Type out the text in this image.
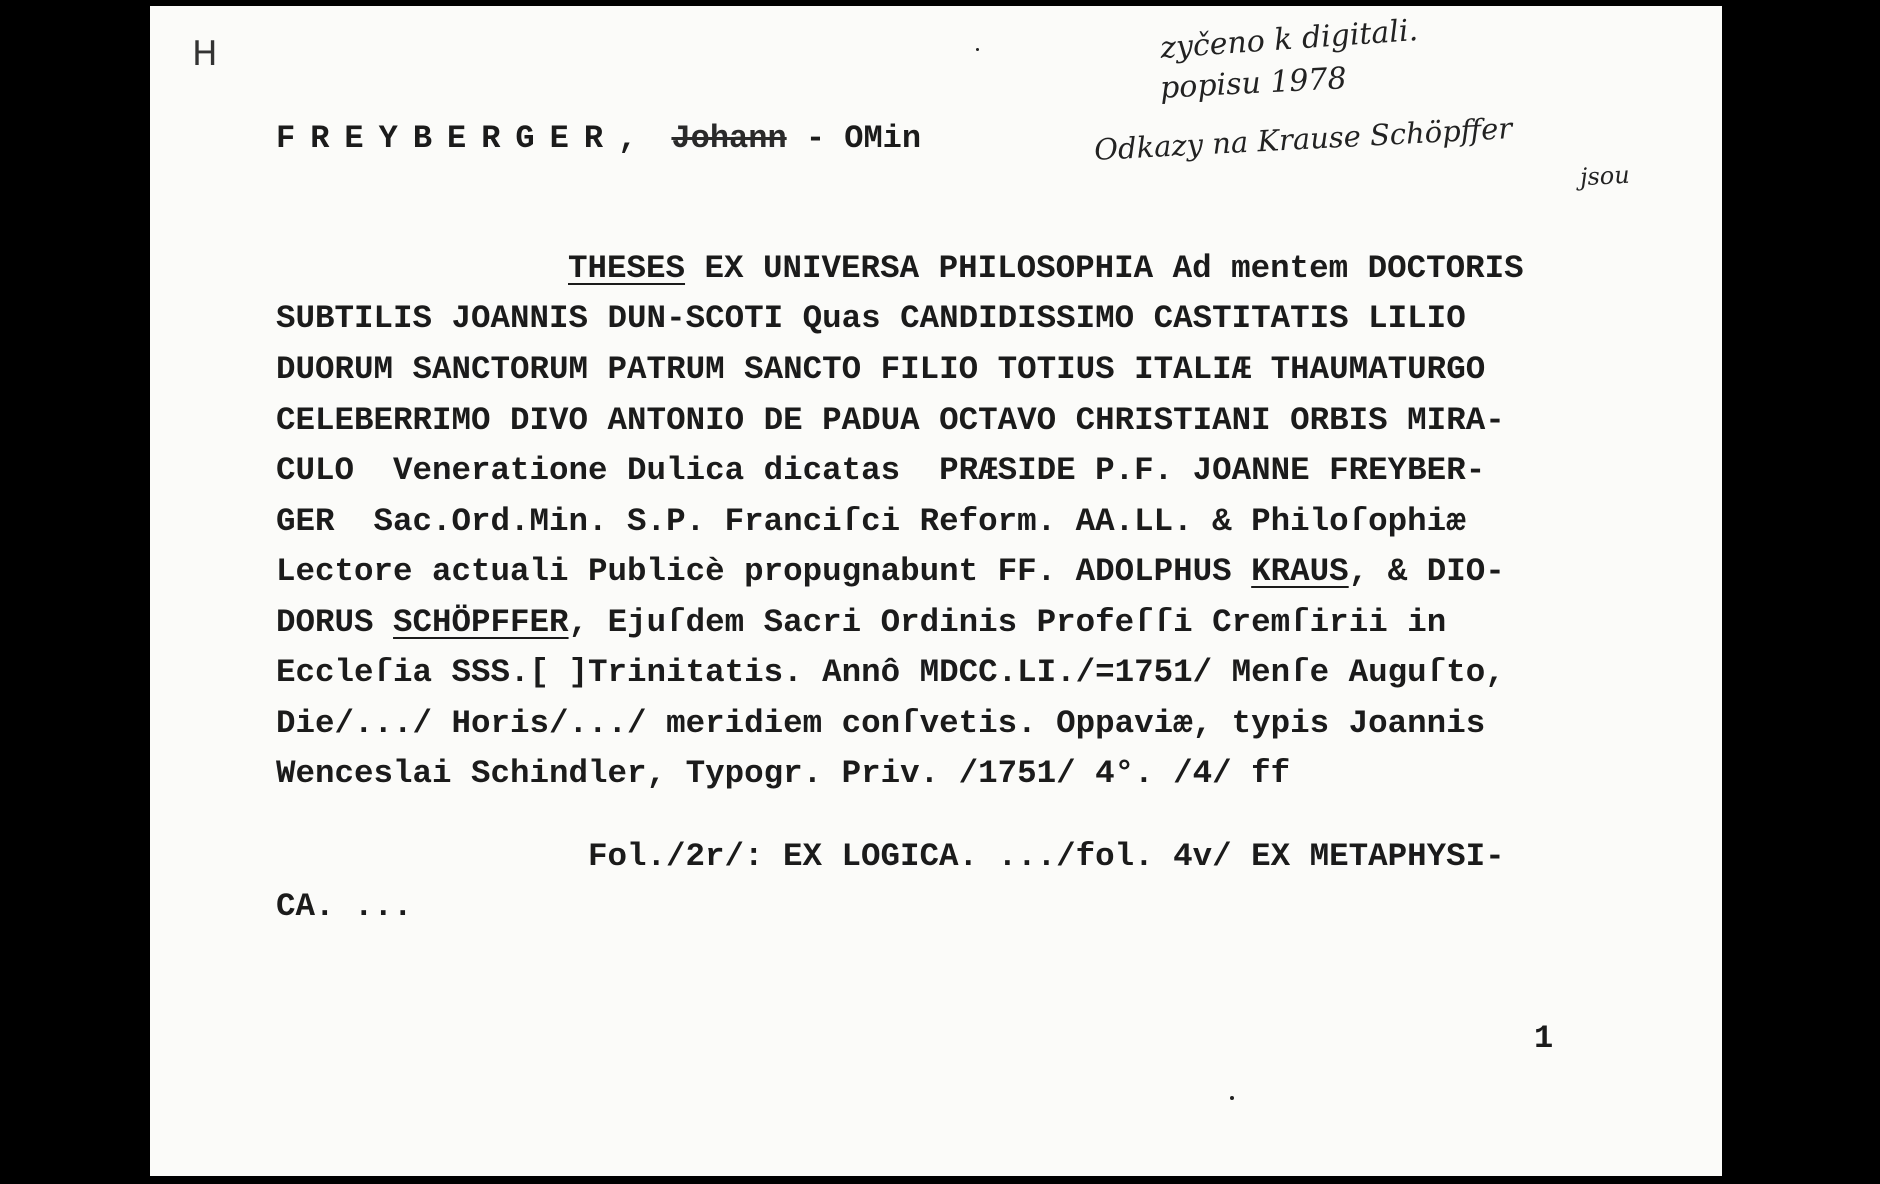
H
FREYBERGER, Johann - OMin
zyčeno k digitali.
popisu 1978
Odkazy na Krause Schöpffer
jsou
THESES EX UNIVERSA PHILOSOPHIA Ad mentem DOCTORIS
SUBTILIS JOANNIS DUN-SCOTI Quas CANDIDISSIMO CASTITATIS LILIO
DUORUM SANCTORUM PATRUM SANCTO FILIO TOTIUS ITALIÆ THAUMATURGO
CELEBERRIMO DIVO ANTONIO DE PADUA OCTAVO CHRISTIANI ORBIS MIRA-
CULO  Veneratione Dulica dicatas  PRÆSIDE P.F. JOANNE FREYBER-
GER  Sac.Ord.Min. S.P. Franciſci Reform. AA.LL. & Philoſophiæ
Lectore actuali Publicè propugnabunt FF. ADOLPHUS KRAUS, & DIO-
DORUS SCHÖPFFER, Ejuſdem Sacri Ordinis Profeſſi Cremſirii in
Eccleſia SSS.[ ]Trinitatis. Annô MDCC.LI./=1751/ Menſe Auguſto,
Die/.../ Horis/.../ meridiem conſvetis. Oppaviæ, typis Joannis
Wenceslai Schindler, Typogr. Priv. /1751/ 4°. /4/ ff
Fol./2r/: EX LOGICA. .../fol. 4v/ EX METAPHYSI-
CA. ...
1
